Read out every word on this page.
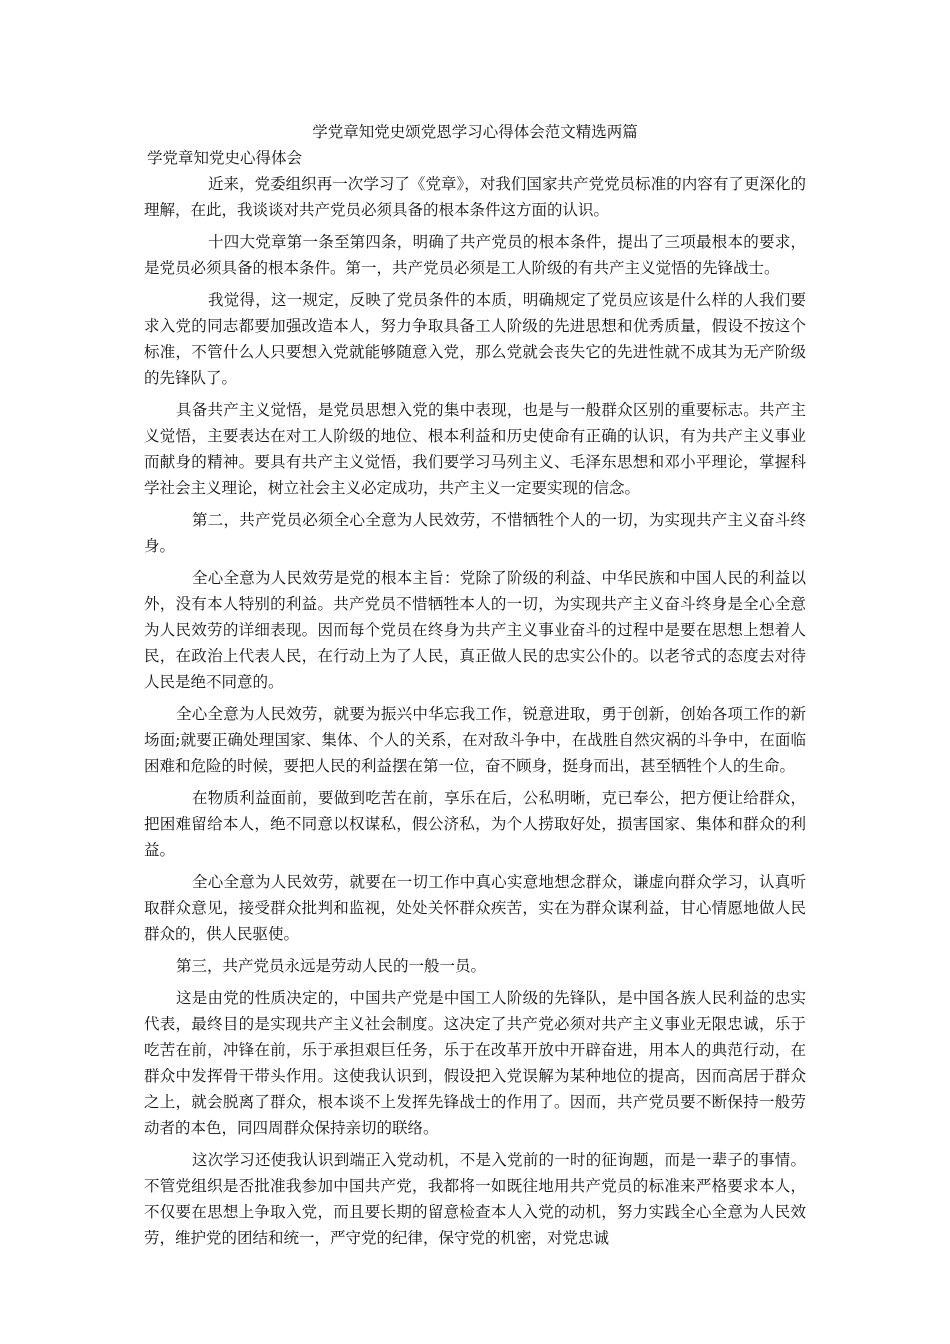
学党章知党史颂党恩学习心得体会范文精选两篇
学党章知党史心得体会

近来，党委组织再一次学习了《党章》，对我们国家共产党党员标准的内容有了更深化的理解，在此，我谈谈对共产党员必须具备的根本条件这方面的认识。

十四大党章第一条至第四条，明确了共产党员的根本条件，提出了三项最根本的要求，是党员必须具备的根本条件。第一，共产党员必须是工人阶级的有共产主义觉悟的先锋战士。

我觉得，这一规定，反映了党员条件的本质，明确规定了党员应该是什么样的人我们要求入党的同志都要加强改造本人，努力争取具备工人阶级的先进思想和优秀质量，假设不按这个标准，不管什么人只要想入党就能够随意入党，那么党就会丧失它的先进性就不成其为无产阶级的先锋队了。

具备共产主义觉悟，是党员思想入党的集中表现，也是与一般群众区别的重要标志。共产主义觉悟，主要表达在对工人阶级的地位、根本利益和历史使命有正确的认识，有为共产主义事业而献身的精神。要具有共产主义觉悟，我们要学习马列主义、毛泽东思想和邓小平理论，掌握科学社会主义理论，树立社会主义必定成功，共产主义一定要实现的信念。

第二，共产党员必须全心全意为人民效劳，不惜牺牲个人的一切，为实现共产主义奋斗终身。

全心全意为人民效劳是党的根本主旨：党除了阶级的利益、中华民族和中国人民的利益以外，没有本人特别的利益。共产党员不惜牺牲本人的一切，为实现共产主义奋斗终身是全心全意为人民效劳的详细表现。因而每个党员在终身为共产主义事业奋斗的过程中是要在思想上想着人民，在政治上代表人民，在行动上为了人民，真正做人民的忠实公仆的。以老爷式的态度去对待人民是绝不同意的。

全心全意为人民效劳，就要为振兴中华忘我工作，锐意进取，勇于创新，创始各项工作的新场面;就要正确处理国家、集体、个人的关系，在对敌斗争中，在战胜自然灾祸的斗争中，在面临困难和危险的时候，要把人民的利益摆在第一位，奋不顾身，挺身而出，甚至牺牲个人的生命。

在物质利益面前，要做到吃苦在前，享乐在后，公私明晰，克已奉公，把方便让给群众，把困难留给本人，绝不同意以权谋私，假公济私，为个人捞取好处，损害国家、集体和群众的利益。

全心全意为人民效劳，就要在一切工作中真心实意地想念群众，谦虚向群众学习，认真听取群众意见，接受群众批判和监视，处处关怀群众疾苦，实在为群众谋利益，甘心情愿地做人民群众的，供人民驱使。

第三，共产党员永远是劳动人民的一般一员。

这是由党的性质决定的，中国共产党是中国工人阶级的先锋队，是中国各族人民利益的忠实代表，最终目的是实现共产主义社会制度。这决定了共产党必须对共产主义事业无限忠诚，乐于吃苦在前，冲锋在前，乐于承担艰巨任务，乐于在改革开放中开辟奋进，用本人的典范行动，在群众中发挥骨干带头作用。这使我认识到，假设把入党误解为某种地位的提高，因而高居于群众之上，就会脱离了群众，根本谈不上发挥先锋战士的作用了。因而，共产党员要不断保持一般劳动者的本色，同四周群众保持亲切的联络。

这次学习还使我认识到端正入党动机，不是入党前的一时的征询题，而是一辈子的事情。不管党组织是否批准我参加中国共产党，我都将一如既往地用共产党员的标准来严格要求本人，不仅要在思想上争取入党，而且要长期的留意检查本人入党的动机，努力实践全心全意为人民效劳，维护党的团结和统一，严守党的纪律，保守党的机密，对党忠诚
